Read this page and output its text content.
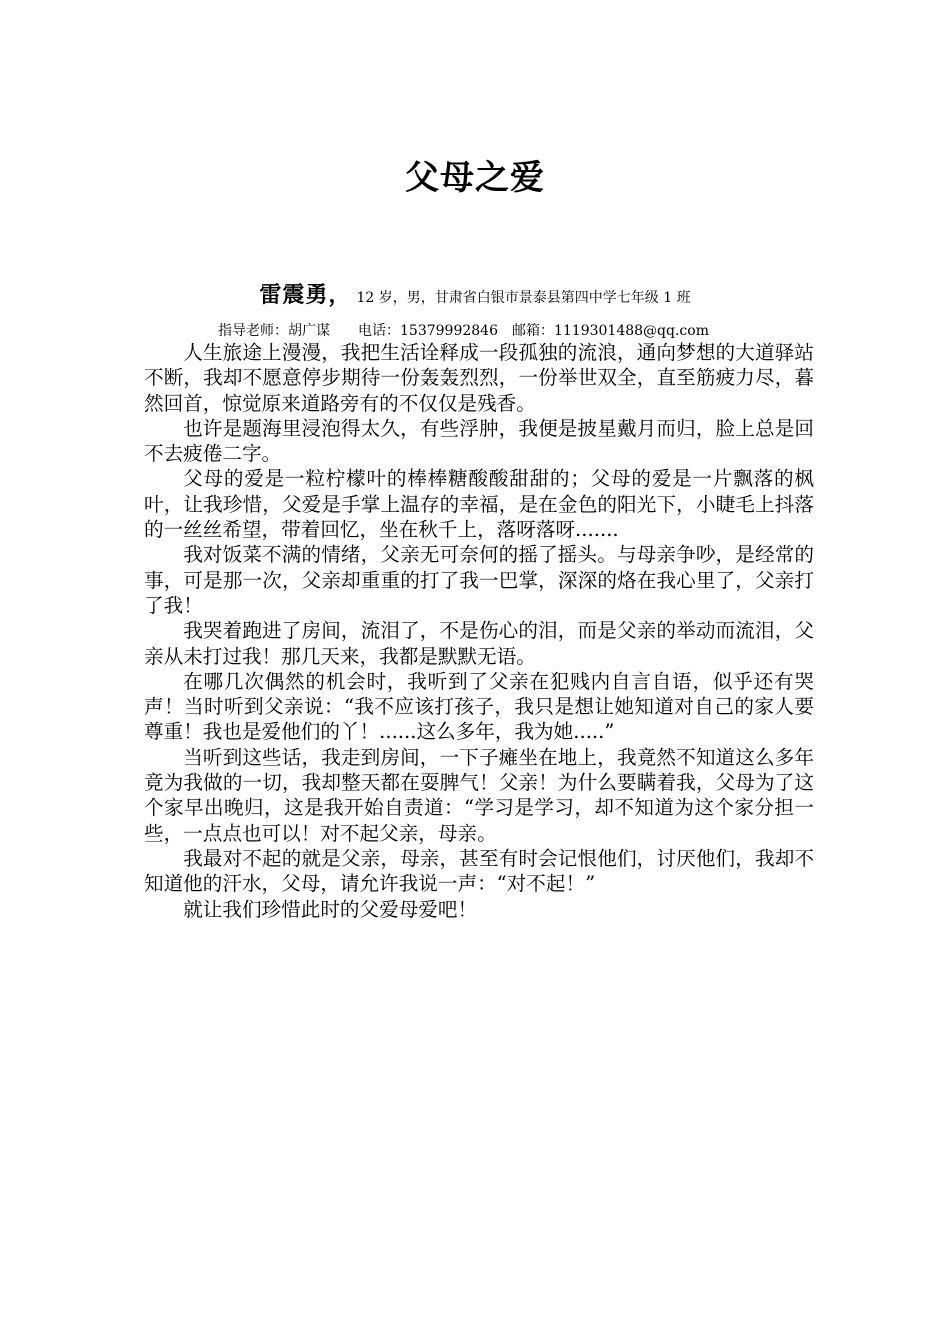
父母之爱
雷震勇， 12 岁，男，甘肃省白银市景泰县第四中学七年级 1 班
指导老师：胡广谋 电话：15379992846 邮箱：1119301488@qq.com

人生旅途上漫漫，我把生活诠释成一段孤独的流浪，通向梦想的大道驿站不断，我却不愿意停步期待一份轰轰烈烈，一份举世双全，直至筋疲力尽，暮然回首，惊觉原来道路旁有的不仅仅是残香。

也许是题海里浸泡得太久，有些浮肿，我便是披星戴月而归，脸上总是回不去疲倦二字。

父母的爱是一粒柠檬叶的棒棒糖酸酸甜甜的；父母的爱是一片飘落的枫叶，让我珍惜，父爱是手掌上温存的幸福，是在金色的阳光下，小睫毛上抖落的一丝丝希望，带着回忆，坐在秋千上，落呀落呀.......

我对饭菜不满的情绪，父亲无可奈何的摇了摇头。与母亲争吵，是经常的事，可是那一次，父亲却重重的打了我一巴掌，深深的烙在我心里了，父亲打了我！

我哭着跑进了房间，流泪了，不是伤心的泪，而是父亲的举动而流泪，父亲从未打过我！那几天来，我都是默默无语。

在哪几次偶然的机会时，我听到了父亲在犯贱内自言自语，似乎还有哭声！当时听到父亲说：“我不应该打孩子，我只是想让她知道对自己的家人要尊重！我也是爱他们的丫！......这么多年，我为她.....”

当听到这些话，我走到房间，一下子瘫坐在地上，我竟然不知道这么多年竟为我做的一切，我却整天都在耍脾气！父亲！为什么要瞒着我，父母为了这个家早出晚归，这是我开始自责道：“学习是学习，却不知道为这个家分担一些，一点点也可以！对不起父亲，母亲。

我最对不起的就是父亲，母亲，甚至有时会记恨他们，讨厌他们，我却不知道他的汗水，父母，请允许我说一声：“对不起！”

就让我们珍惜此时的父爱母爱吧！
